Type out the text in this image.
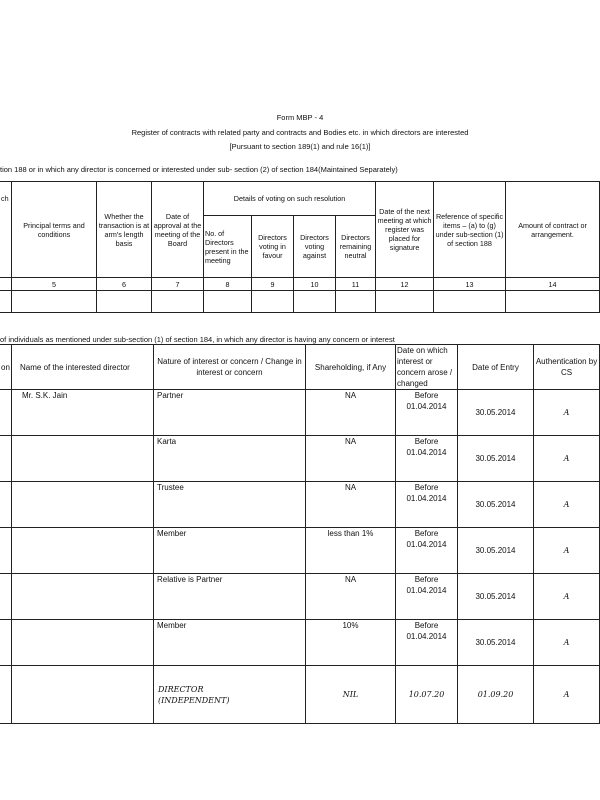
Form MBP - 4
Register of contracts with related party and contracts and Bodies etc. in which directors are interested
[Pursuant to section 189(1) and rule 16(1)]
tion 188 or in which any director is concerned or interested under sub- section (2) of section 184(Maintained Separately)
ch	Principal terms and conditions	Whether the transaction is at arm's length basis	Date of approval at the meeting of the Board	Details of voting on such resolution				Date of the next meeting at which register was placed for signature	Reference of specific items – (a) to (g) under sub-section (1) of section 188	Amount of contract or arrangement.
				No. of Directors present in the meeting	Directors voting in favour	Directors voting against	Directors remaining neutral			
	5	6	7	8	9	10	11	12	13	14

of individuals as mentioned under sub-section (1) of section 184, in which any director is having any concern or interest
on	Name of the interested director	Nature of interest or concern / Change in interest or concern	Shareholding, if Any	Date on which interest or concern arose / changed	Date of Entry	Authentication by CS
	Mr. S.K. Jain	Partner	NA	Before
01.04.2014	30.05.2014	A
		Karta	NA	Before
01.04.2014	30.05.2014	A
		Trustee	NA	Before
01.04.2014	30.05.2014	A
		Member	less than 1%	Before
01.04.2014	30.05.2014	A
		Relative is Partner	NA	Before
01.04.2014	30.05.2014	A
		Member	10%	Before
01.04.2014	30.05.2014	A
		DIRECTOR
(INDEPENDENT)	NIL	10.07.20	01.09.20	A
